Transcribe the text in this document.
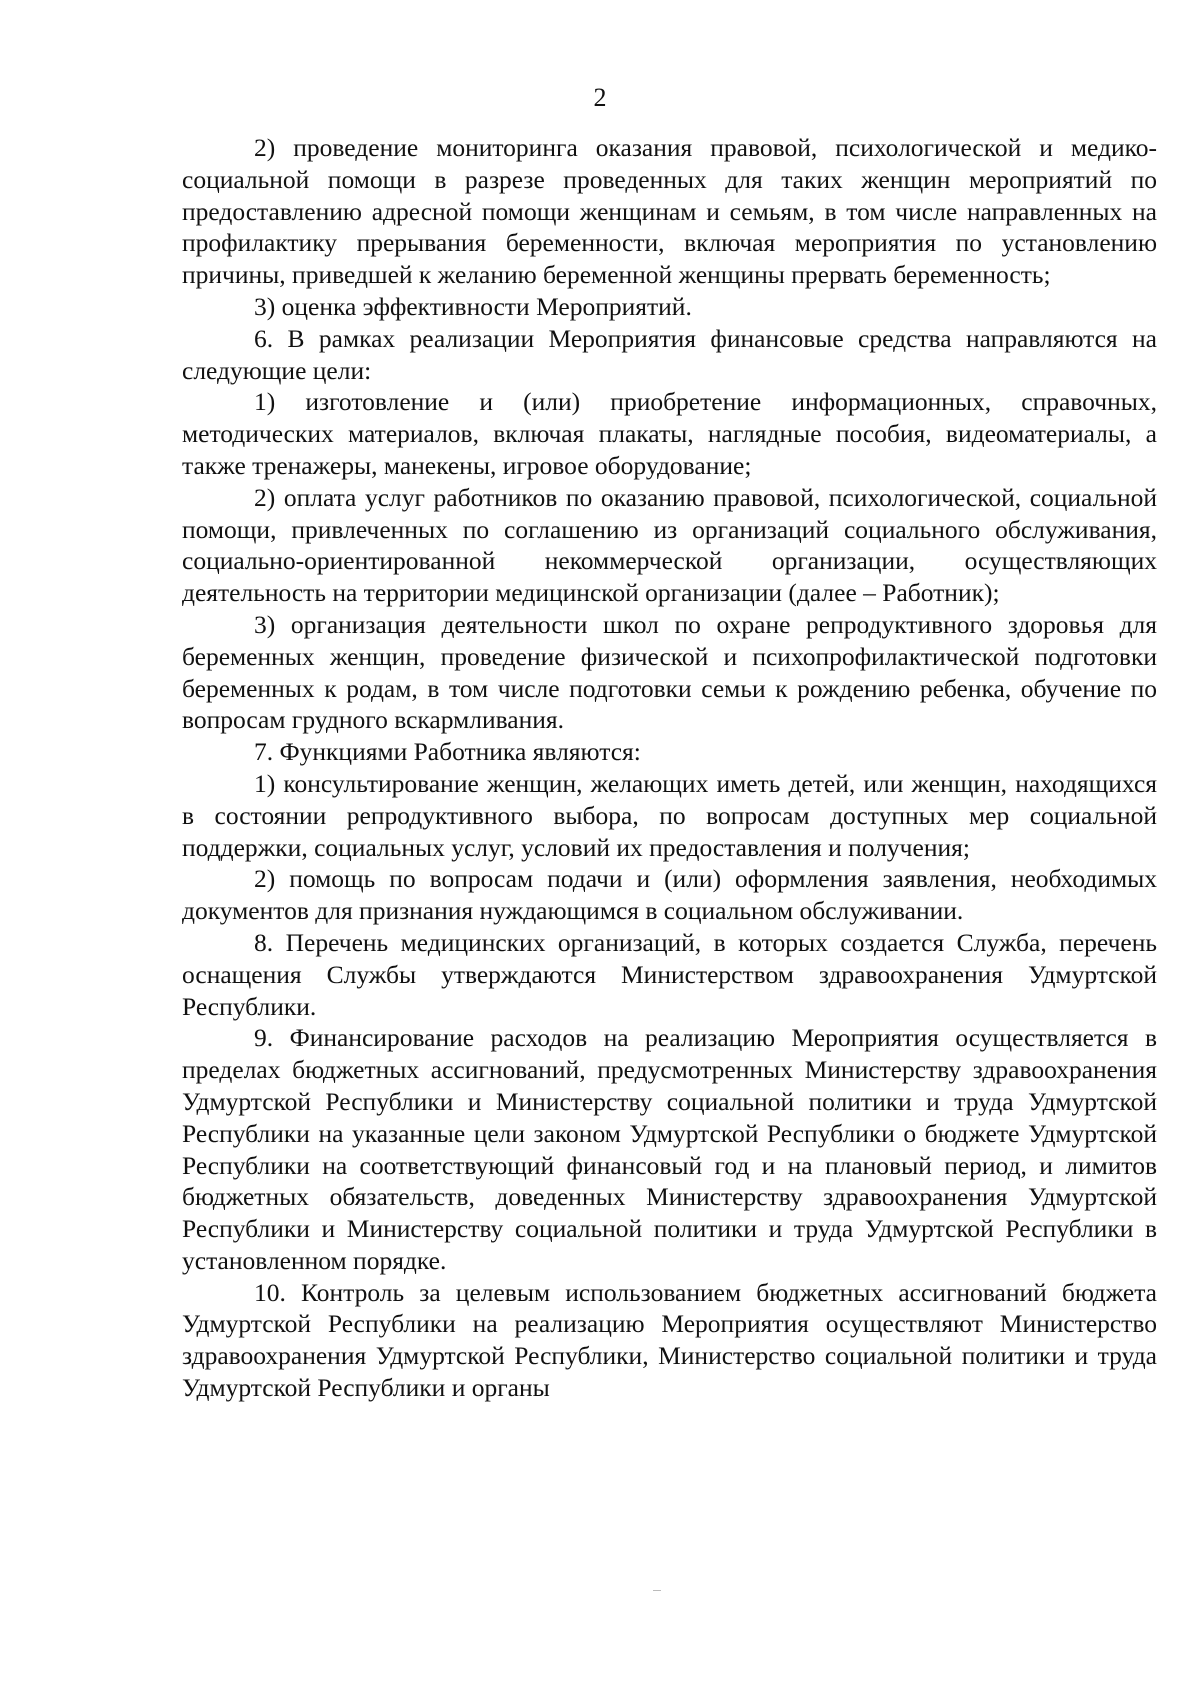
2

2) проведение мониторинга оказания правовой, психологической и медико-социальной помощи в разрезе проведенных для таких женщин мероприятий по предоставлению адресной помощи женщинам и семьям, в том числе направленных на профилактику прерывания беременности, включая мероприятия по установлению причины, приведшей к желанию беременной женщины прервать беременность;

3) оценка эффективности Мероприятий.

6. В рамках реализации Мероприятия финансовые средства направляются на следующие цели:

1) изготовление и (или) приобретение информационных, справочных, методических материалов, включая плакаты, наглядные пособия, видеоматериалы, а также тренажеры, манекены, игровое оборудование;

2) оплата услуг работников по оказанию правовой, психологической, социальной помощи, привлеченных по соглашению из организаций социального обслуживания, социально-ориентированной некоммерческой организации, осуществляющих деятельность на территории медицинской организации (далее – Работник);

3) организация деятельности школ по охране репродуктивного здоровья для беременных женщин, проведение физической и психопрофилактической подготовки беременных к родам, в том числе подготовки семьи к рождению ребенка, обучение по вопросам грудного вскармливания.

7. Функциями Работника являются:

1) консультирование женщин, желающих иметь детей, или женщин, находящихся в состоянии репродуктивного выбора, по вопросам доступных мер социальной поддержки, социальных услуг, условий их предоставления и получения;

2) помощь по вопросам подачи и (или) оформления заявления, необходимых документов для признания нуждающимся в социальном обслуживании.

8. Перечень медицинских организаций, в которых создается Служба, перечень оснащения Службы утверждаются Министерством здравоохранения Удмуртской Республики.

9. Финансирование расходов на реализацию Мероприятия осуществляется в пределах бюджетных ассигнований, предусмотренных Министерству здравоохранения Удмуртской Республики и Министерству социальной политики и труда Удмуртской Республики на указанные цели законом Удмуртской Республики о бюджете Удмуртской Республики на соответствующий финансовый год и на плановый период, и лимитов бюджетных обязательств, доведенных Министерству здравоохранения Удмуртской Республики и Министерству социальной политики и труда Удмуртской Республики в установленном порядке.

10. Контроль за целевым использованием бюджетных ассигнований бюджета Удмуртской Республики на реализацию Мероприятия осуществляют Министерство здравоохранения Удмуртской Республики, Министерство социальной политики и труда Удмуртской Республики и органы
